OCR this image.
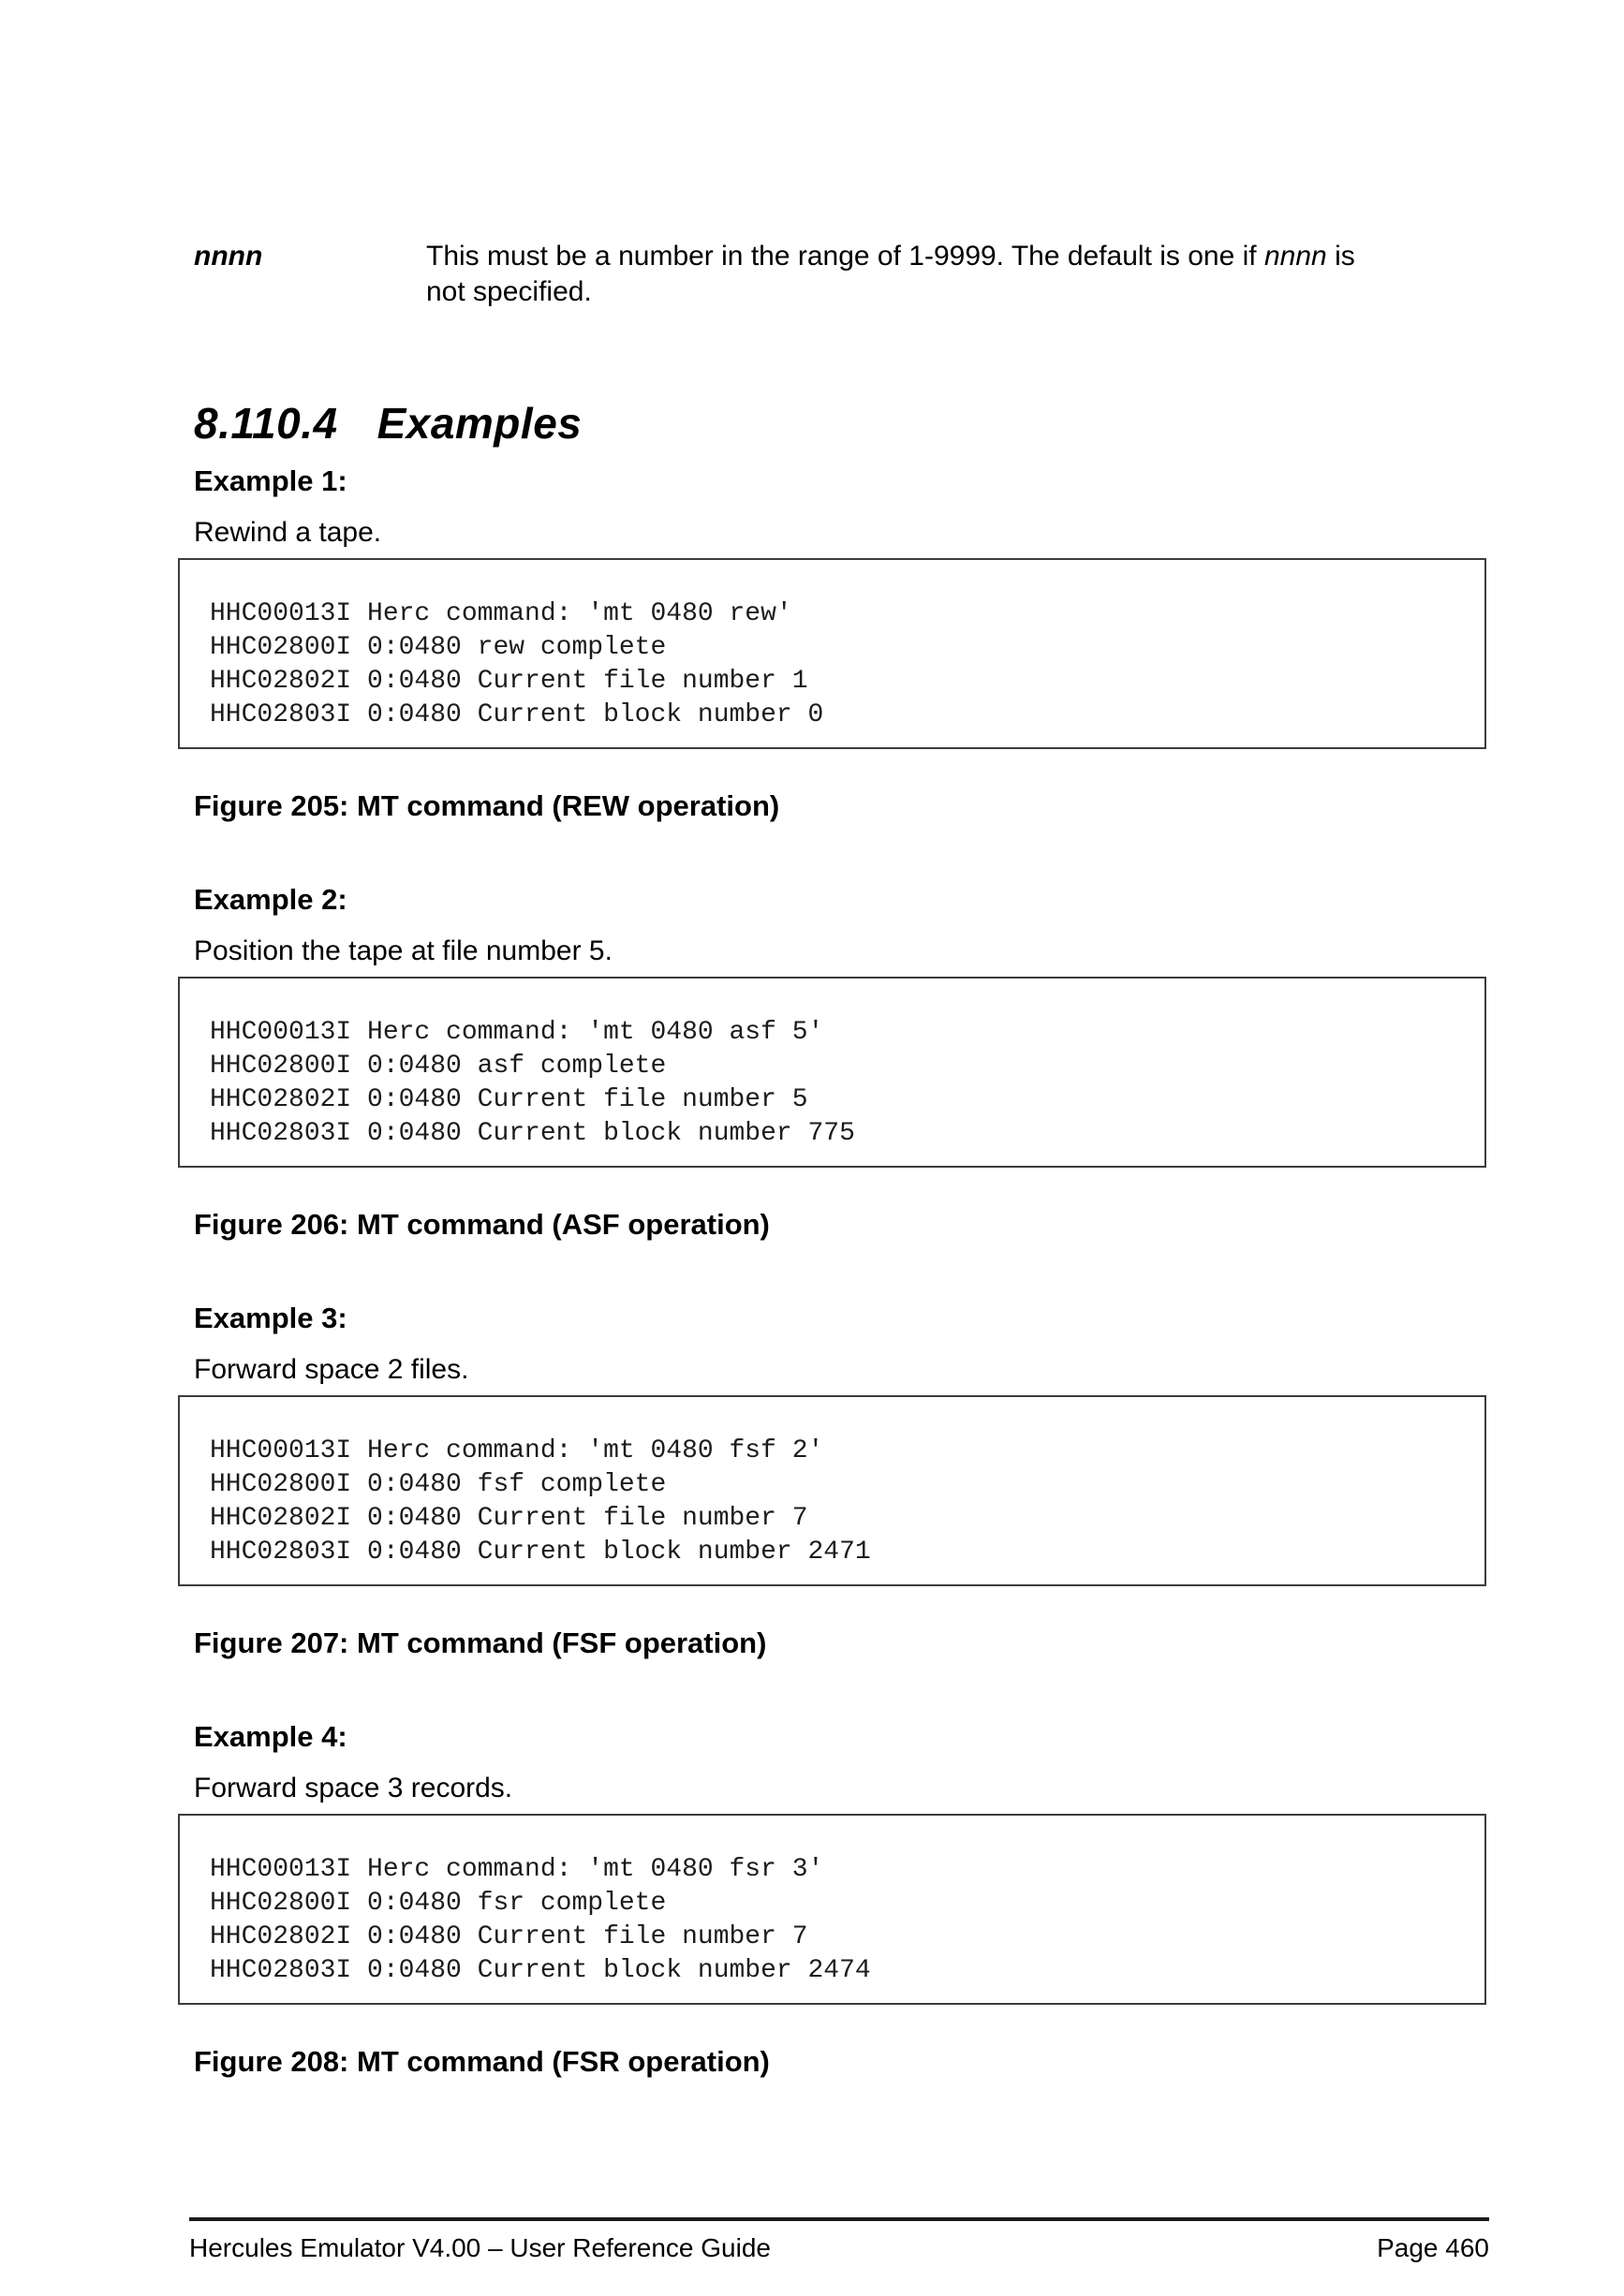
nnnn	This must be a number in the range of 1-9999. The default is one if nnnn is not specified.
8.110.4 Examples
Example 1:
Rewind a tape.
HHC00013I Herc command: 'mt 0480 rew'
HHC02800I 0:0480 rew complete
HHC02802I 0:0480 Current file number 1
HHC02803I 0:0480 Current block number 0
Figure 205: MT command (REW operation)
Example 2:
Position the tape at file number 5.
HHC00013I Herc command: 'mt 0480 asf 5'
HHC02800I 0:0480 asf complete
HHC02802I 0:0480 Current file number 5
HHC02803I 0:0480 Current block number 775
Figure 206: MT command (ASF operation)
Example 3:
Forward space 2 files.
HHC00013I Herc command: 'mt 0480 fsf 2'
HHC02800I 0:0480 fsf complete
HHC02802I 0:0480 Current file number 7
HHC02803I 0:0480 Current block number 2471
Figure 207: MT command (FSF operation)
Example 4:
Forward space 3 records.
HHC00013I Herc command: 'mt 0480 fsr 3'
HHC02800I 0:0480 fsr complete
HHC02802I 0:0480 Current file number 7
HHC02803I 0:0480 Current block number 2474
Figure 208: MT command (FSR operation)
Hercules Emulator V4.00 – User Reference Guide	Page 460
